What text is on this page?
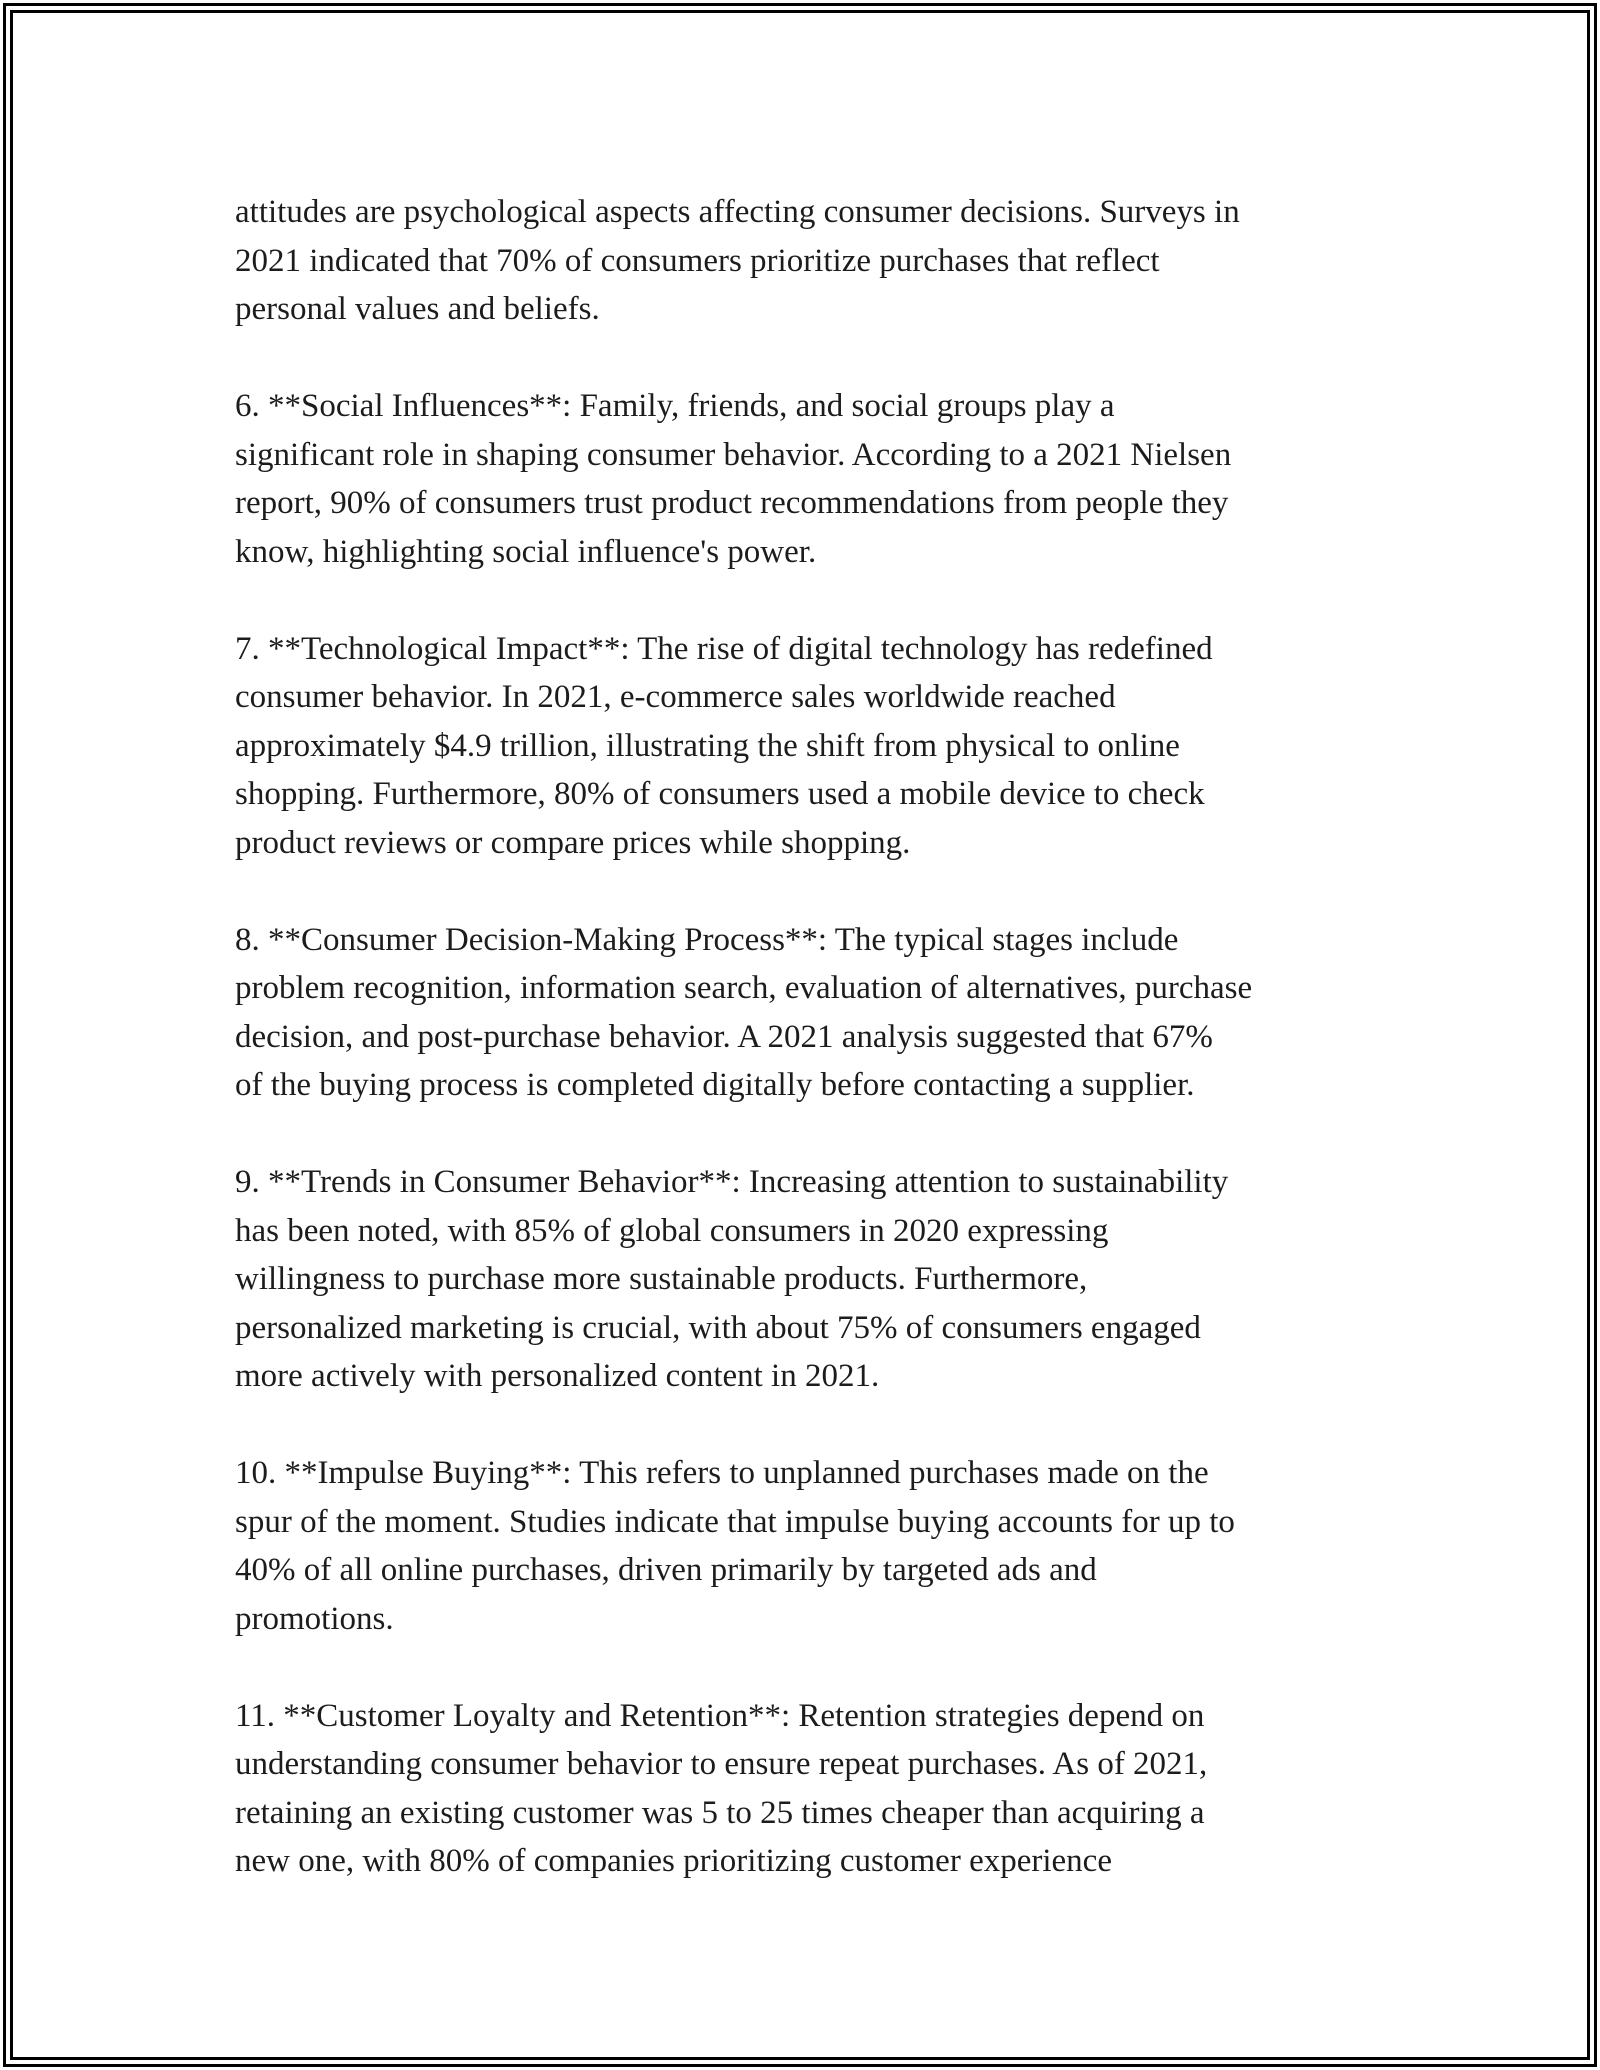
attitudes are psychological aspects affecting consumer decisions. Surveys in
2021 indicated that 70% of consumers prioritize purchases that reflect
personal values and beliefs.

6. **Social Influences**: Family, friends, and social groups play a
significant role in shaping consumer behavior. According to a 2021 Nielsen
report, 90% of consumers trust product recommendations from people they
know, highlighting social influence's power.

7. **Technological Impact**: The rise of digital technology has redefined
consumer behavior. In 2021, e-commerce sales worldwide reached
approximately $4.9 trillion, illustrating the shift from physical to online
shopping. Furthermore, 80% of consumers used a mobile device to check
product reviews or compare prices while shopping.

8. **Consumer Decision-Making Process**: The typical stages include
problem recognition, information search, evaluation of alternatives, purchase
decision, and post-purchase behavior. A 2021 analysis suggested that 67%
of the buying process is completed digitally before contacting a supplier.

9. **Trends in Consumer Behavior**: Increasing attention to sustainability
has been noted, with 85% of global consumers in 2020 expressing
willingness to purchase more sustainable products. Furthermore,
personalized marketing is crucial, with about 75% of consumers engaged
more actively with personalized content in 2021.

10. **Impulse Buying**: This refers to unplanned purchases made on the
spur of the moment. Studies indicate that impulse buying accounts for up to
40% of all online purchases, driven primarily by targeted ads and
promotions.

11. **Customer Loyalty and Retention**: Retention strategies depend on
understanding consumer behavior to ensure repeat purchases. As of 2021,
retaining an existing customer was 5 to 25 times cheaper than acquiring a
new one, with 80% of companies prioritizing customer experience
